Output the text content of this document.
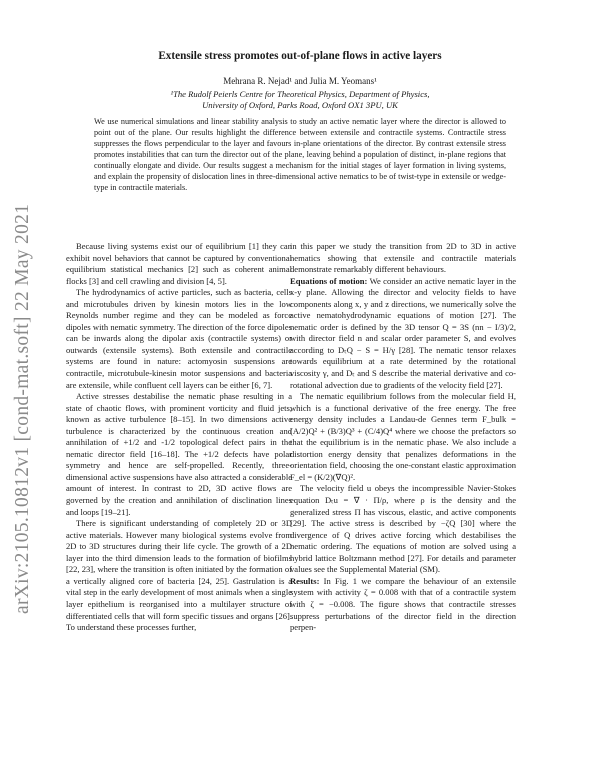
arXiv:2105.10812v1 [cond-mat.soft] 22 May 2021
Extensile stress promotes out-of-plane flows in active layers
Mehrana R. Nejad¹ and Julia M. Yeomans¹
¹The Rudolf Peierls Centre for Theoretical Physics, Department of Physics,
University of Oxford, Parks Road, Oxford OX1 3PU, UK

We use numerical simulations and linear stability analysis to study an active nematic layer where the director is allowed to point out of the plane. Our results highlight the difference between extensile and contractile systems. Contractile stress suppresses the flows perpendicular to the layer and favours in-plane orientations of the director. By contrast extensile stress promotes instabilities that can turn the director out of the plane, leaving behind a population of distinct, in-plane regions that continually elongate and divide. Our results suggest a mechanism for the initial stages of layer formation in living systems, and explain the propensity of dislocation lines in three-dimensional active nematics to be of twist-type in extensile or wedge-type in contractile materials.

Because living systems exist our of equilibrium [1] they can exhibit novel behaviors that cannot be captured by conventional equilibrium statistical mechanics [2] such as coherent animal flocks [3] and cell crawling and division [4, 5].

The hydrodynamics of active particles, such as bacteria, cells and microtubules driven by kinesin motors lies in the low Reynolds number regime and they can be modeled as force dipoles with nematic symmetry. The direction of the force dipoles can be inwards along the dipolar axis (contractile systems) or outwards (extensile systems). Both extensile and contractile systems are found in nature: actomyosin suspensions are contractile, microtubule-kinesin motor suspensions and bacteria are extensile, while confluent cell layers can be either [6, 7].

Active stresses destabilise the nematic phase resulting in a state of chaotic flows, with prominent vorticity and fluid jets, known as active turbulence [8–15]. In two dimensions active turbulence is characterized by the continuous creation and annihilation of +1/2 and -1/2 topological defect pairs in the nematic director field [16–18]. The +1/2 defects have polar symmetry and hence are self-propelled. Recently, three-dimensional active suspensions have also attracted a considerable amount of interest. In contrast to 2D, 3D active flows are governed by the creation and annihilation of disclination lines and loops [19–21].

There is significant understanding of completely 2D or 3D active materials. However many biological systems evolve from 2D to 3D structures during their life cycle. The growth of a 2D layer into the third dimension leads to the formation of biofilms [22, 23], where the transition is often initiated by the formation of a vertically aligned core of bacteria [24, 25]. Gastrulation is a vital step in the early development of most animals when a single layer epithelium is reorganised into a multilayer structure of differentiated cells that will form specific tissues and organs [26]. To understand these processes further,

in this paper we study the transition from 2D to 3D in active nematics showing that extensile and contractile materials demonstrate remarkably different behaviours.

Equations of motion: We consider an active nematic layer in the x-y plane. Allowing the director and velocity fields to have components along x, y and z directions, we numerically solve the active nematohydrodynamic equations of motion [27]. The nematic order is defined by the 3D tensor Q = 3S (nn − I/3)/2, with director field n and scalar order parameter S, and evolves according to DₜQ − S = H/γ [28]. The nematic tensor relaxes towards equilibrium at a rate determined by the rotational viscosity γ, and Dₜ and S describe the material derivative and co-rotational advection due to gradients of the velocity field [27].

The nematic equilibrium follows from the molecular field H, which is a functional derivative of the free energy. The free energy density includes a Landau-de Gennes term F_bulk = (A/2)Q² + (B/3)Q³ + (C/4)Q⁴ where we choose the prefactors so that the equilibrium is in the nematic phase. We also include a distortion energy density that penalizes deformations in the orientation field, choosing the one-constant elastic approximation F_el = (K/2)(∇Q)².

The velocity field u obeys the incompressible Navier-Stokes equation Dₜu = ∇ · Π/ρ, where ρ is the density and the generalized stress Π has viscous, elastic, and active components [29]. The active stress is described by −ζQ [30] where the divergence of Q drives active forcing which destabilises the nematic ordering. The equations of motion are solved using a hybrid lattice Boltzmann method [27]. For details and parameter values see the Supplemental Material (SM).

Results: In Fig. 1 we compare the behaviour of an extensile system with activity ζ = 0.008 with that of a contractile system with ζ = −0.008. The figure shows that contractile stresses suppress perturbations of the director field in the direction perpen-
